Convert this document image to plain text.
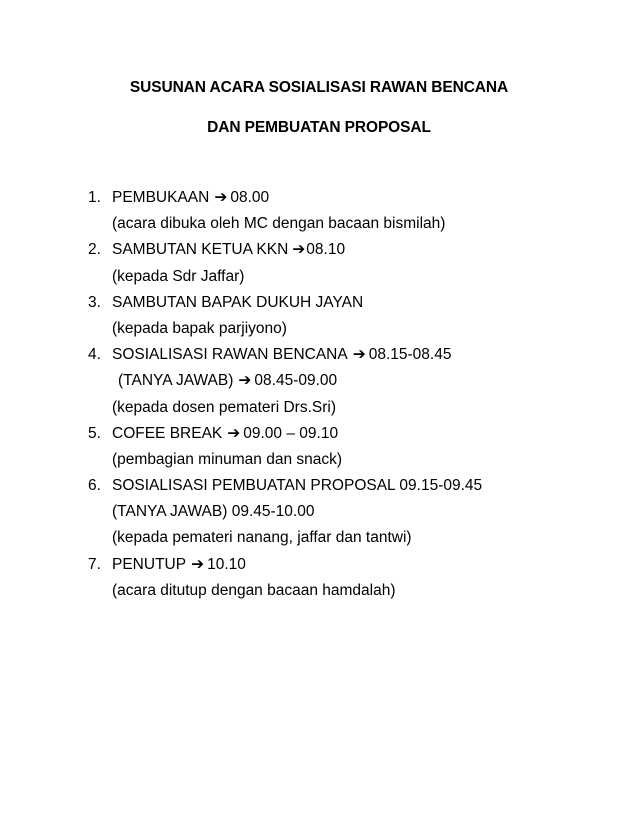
SUSUNAN ACARA SOSIALISASI RAWAN BENCANA
DAN PEMBUATAN PROPOSAL
1. PEMBUKAAN ➔ 08.00
(acara dibuka oleh MC dengan bacaan bismilah)
2. SAMBUTAN KETUA KKN ➔08.10
(kepada Sdr Jaffar)
3. SAMBUTAN BAPAK DUKUH JAYAN
(kepada bapak parjiyono)
4. SOSIALISASI RAWAN BENCANA ➔ 08.15-08.45
(TANYA JAWAB) ➔ 08.45-09.00
(kepada dosen pemateri Drs.Sri)
5. COFEE BREAK ➔ 09.00 – 09.10
(pembagian minuman dan snack)
6. SOSIALISASI PEMBUATAN PROPOSAL 09.15-09.45
(TANYA JAWAB) 09.45-10.00
(kepada pemateri nanang, jaffar dan tantwi)
7. PENUTUP ➔ 10.10
(acara ditutup dengan bacaan hamdalah)
